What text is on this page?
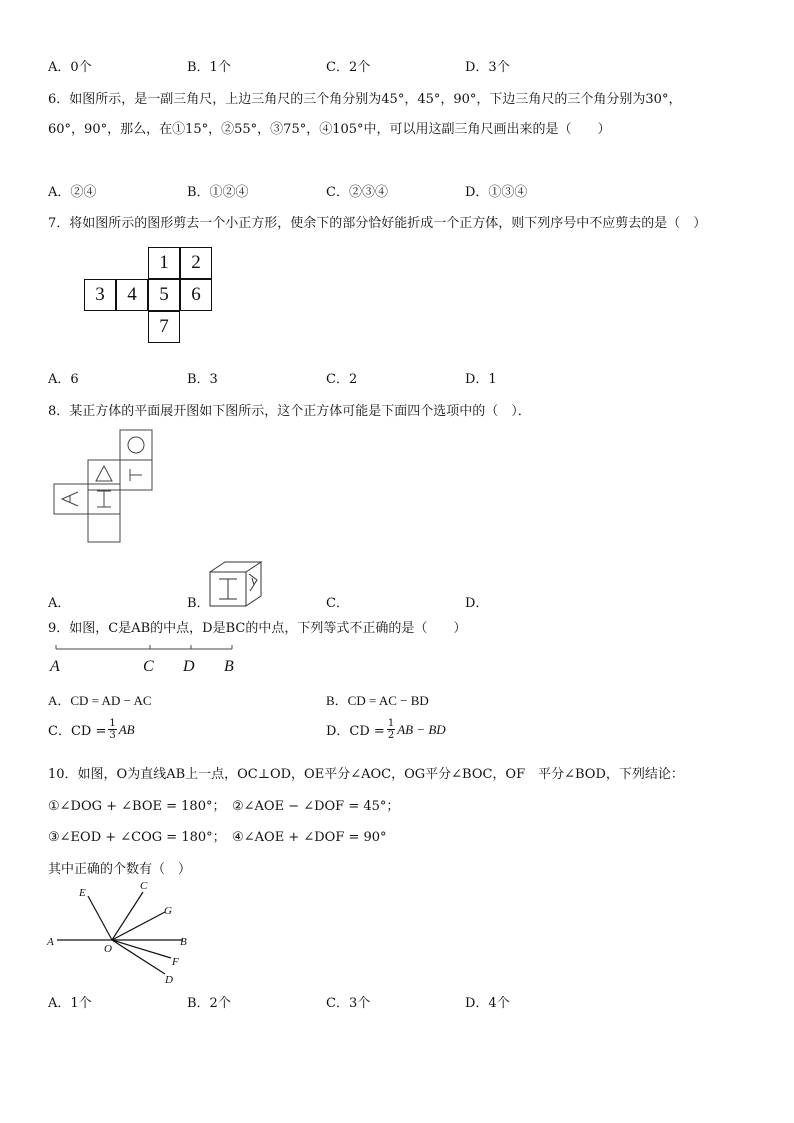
A．0个	B．1个	C．2个	D．3个
6．如图所示，是一副三角尺，上边三角尺的三个角分别为45°，45°，90°，下边三角尺的三个角分别为30°，
60°，90°，那么，在①15°，②55°，③75°，④105°中，可以用这副三角尺画出来的是（　　）
A．②④	B．①②④	C．②③④	D．①③④
7．将如图所示的图形剪去一个小正方形，使余下的部分恰好能折成一个正方体，则下列序号中不应剪去的是（　）
1	2
3	4	5	6
7
A．6	B．3	C．2	D．1
8．某正方体的平面展开图如下图所示，这个正方体可能是下面四个选项中的（　）．
A．	B．	C．	D．
9．如图，C是AB的中点，D是BC的中点，下列等式不正确的是（　　）
A	C D B
A．CD = AD − AC	B．CD = AC − BD
C．CD = $\frac{1}{3}$ AB	D．CD = $\frac{1}{2}$ AB − BD
10．如图，O为直线AB上一点，OC⊥OD，OE平分∠AOC，OG平分∠BOC，OF　平分∠BOD，下列结论：
①∠DOG + ∠BOE = 180°；　②∠AOE − ∠DOF = 45°；
③∠EOD + ∠COG = 180°；　④∠AOE + ∠DOF = 90°
其中正确的个数有（　）
E
C
G
A
O
B
F
D
A．1个	B．2个	C．3个	D．4个
